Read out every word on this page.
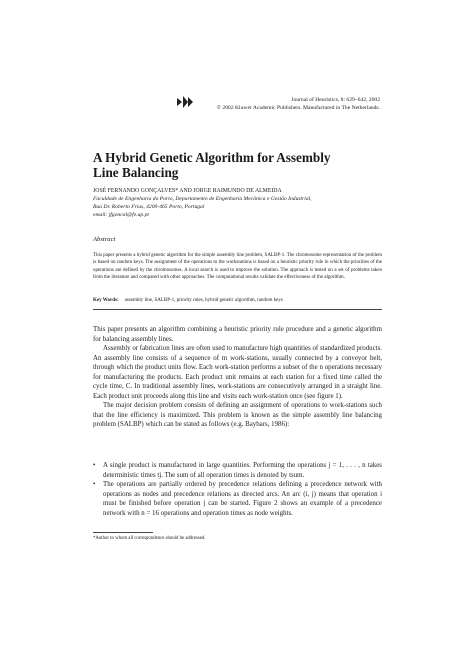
Journal of Heuristics, 8: 629–642, 2002
© 2002 Kluwer Academic Publishers. Manufactured in The Netherlands.
A Hybrid Genetic Algorithm for Assembly
Line Balancing
JOSÉ FERNANDO GONÇALVES* AND JORGE RAIMUNDO DE ALMEIDA
Faculdade de Engenharia do Porto, Departamento de Engenharia Mecânica e Gestão Industrial,
Rua Dr. Roberto Frias, 4200-465 Porto, Portugal
email: jfgoncal@fe.up.pt
Abstract
This paper presents a hybrid genetic algorithm for the simple assembly line problem, SALBP-1. The chromosome representation of the problem is based on random keys. The assignment of the operations to the workstations is based on a heuristic priority rule in which the priorities of the operations are defined by the chromosomes. A local search is used to improve the solution. The approach is tested on a set of problems taken from the literature and compared with other approaches. The computational results validate the effectiveness of the algorithm.
Key Words: assembly line, SALBP-1, priority rules, hybrid genetic algorithm, random keys

This paper presents an algorithm combining a heuristic priority rule procedure and a genetic algorithm for balancing assembly lines.

Assembly or fabrication lines are often used to manufacture high quantities of standardized products. An assembly line consists of a sequence of m work-stations, usually connected by a conveyor belt, through which the product units flow. Each work-station performs a subset of the n operations necessary for manufacturing the products. Each product unit remains at each station for a fixed time called the cycle time, C. In traditional assembly lines, work-stations are consecutively arranged in a straight line. Each product unit proceeds along this line and visits each work-station once (see figure 1).

The major decision problem consists of defining an assignment of operations to work-stations such that the line efficiency is maximized. This problem is known as the simple assembly line balancing problem (SALBP) which can be stated as follows (e.g. Baybars, 1986):

• A single product is manufactured in large quantities. Performing the operations j = 1, . . . , n takes deterministic times tj. The sum of all operation times is denoted by tsum.
• The operations are partially ordered by precedence relations defining a precedence network with operations as nodes and precedence relations as directed arcs. An arc (i, j) means that operation i must be finished before operation j can be started. Figure 2 shows an example of a precedence network with n = 16 operations and operation times as node weights.
*Author to whom all correspondence should be addressed.
